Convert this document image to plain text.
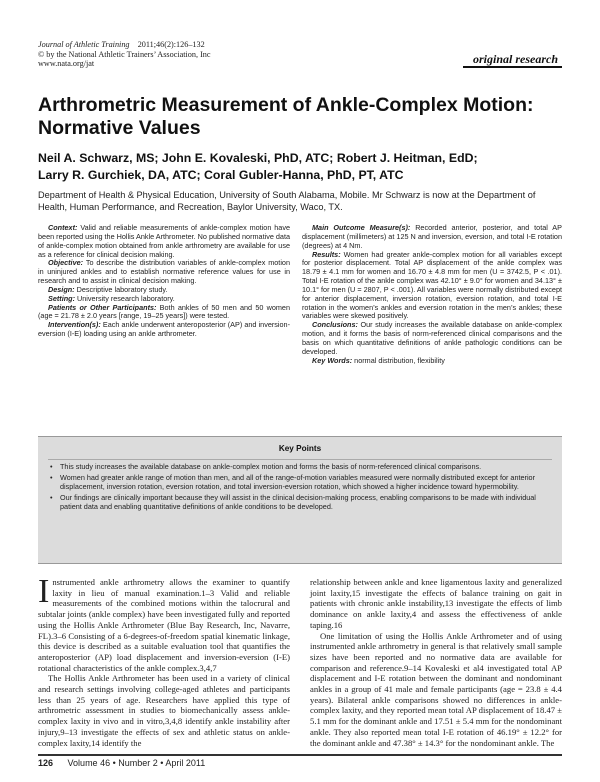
Journal of Athletic Training 2011;46(2):126–132
© by the National Athletic Trainers’ Association, Inc
www.nata.org/jat	original research
Arthrometric Measurement of Ankle-Complex Motion:
Normative Values
Neil A. Schwarz, MS; John E. Kovaleski, PhD, ATC; Robert J. Heitman, EdD;
Larry R. Gurchiek, DA, ATC; Coral Gubler-Hanna, PhD, PT, ATC
Department of Health & Physical Education, University of South Alabama, Mobile. Mr Schwarz is now at the Department of Health, Human Performance, and Recreation, Baylor University, Waco, TX.

Context: Valid and reliable measurements of ankle-complex motion have been reported using the Hollis Ankle Arthrometer. No published normative data of ankle-complex motion obtained from ankle arthrometry are available for use as a reference for clinical decision making.

Objective: To describe the distribution variables of ankle-complex motion in uninjured ankles and to establish normative reference values for use in research and to assist in clinical decision making.

Design: Descriptive laboratory study.

Setting: University research laboratory.

Patients or Other Participants: Both ankles of 50 men and 50 women (age = 21.78 ± 2.0 years [range, 19–25 years]) were tested.

Intervention(s): Each ankle underwent anteroposterior (AP) and inversion-eversion (I-E) loading using an ankle arthrometer.

Main Outcome Measure(s): Recorded anterior, posterior, and total AP displacement (millimeters) at 125 N and inversion, eversion, and total I-E rotation (degrees) at 4 Nm.

Results: Women had greater ankle-complex motion for all variables except for posterior displacement. Total AP displacement of the ankle complex was 18.79 ± 4.1 mm for women and 16.70 ± 4.8 mm for men (U = 3742.5, P < .01). Total I-E rotation of the ankle complex was 42.10° ± 9.0° for women and 34.13° ± 10.1° for men (U = 2807, P < .001). All variables were normally distributed except for anterior displacement, inversion rotation, eversion rotation, and total I-E rotation in the women’s ankles and eversion rotation in the men’s ankles; these variables were skewed positively.

Conclusions: Our study increases the available database on ankle-complex motion, and it forms the basis of norm-referenced clinical comparisons and the basis on which quantitative definitions of ankle pathologic conditions can be developed.

Key Words: normal distribution, flexibility

Key Points
• This study increases the available database on ankle-complex motion and forms the basis of norm-referenced clinical comparisons.
• Women had greater ankle range of motion than men, and all of the range-of-motion variables measured were normally distributed except for anterior displacement, inversion rotation, eversion rotation, and total inversion-eversion rotation, which showed a higher incidence toward hypermobility.
• Our findings are clinically important because they will assist in the clinical decision-making process, enabling comparisons to be made with individual patient data and enabling quantitative definitions of ankle conditions to be developed.

Instrumented ankle arthrometry allows the examiner to quantify laxity in lieu of manual examination.1–3 Valid and reliable measurements of the combined motions within the talocrural and subtalar joints (ankle complex) have been investigated fully and reported using the Hollis Ankle Arthrometer (Blue Bay Research, Inc, Navarre, FL).3–6 Consisting of a 6-degrees-of-freedom spatial kinematic linkage, this device is described as a suitable evaluation tool that quantifies the anteroposterior (AP) load displacement and inversion-eversion (I-E) rotational characteristics of the ankle complex.3,4,7

The Hollis Ankle Arthrometer has been used in a variety of clinical and research settings involving college-aged athletes and participants less than 25 years of age. Researchers have applied this type of arthrometric assessment in studies to biomechanically assess ankle-complex laxity in vivo and in vitro,3,4,8 identify ankle instability after injury,9–13 investigate the effects of sex and athletic status on ankle-complex laxity,14 identify the

relationship between ankle and knee ligamentous laxity and generalized joint laxity,15 investigate the effects of balance training on gait in patients with chronic ankle instability,13 investigate the effects of limb dominance on ankle laxity,4 and assess the effectiveness of ankle taping.16

One limitation of using the Hollis Ankle Arthrometer and of using instrumented ankle arthrometry in general is that relatively small sample sizes have been reported and no normative data are available for comparison and reference.9–14 Kovaleski et al4 investigated total AP displacement and I-E rotation between the dominant and nondominant ankles in a group of 41 male and female participants (age = 23.8 ± 4.4 years). Bilateral ankle comparisons showed no differences in ankle-complex laxity, and they reported mean total AP displacement of 18.47 ± 5.1 mm for the dominant ankle and 17.51 ± 5.4 mm for the nondominant ankle. They also reported mean total I-E rotation of 46.19° ± 12.2° for the dominant ankle and 47.38° ± 14.3° for the nondominant ankle. The

126 Volume 46 • Number 2 • April 2011
